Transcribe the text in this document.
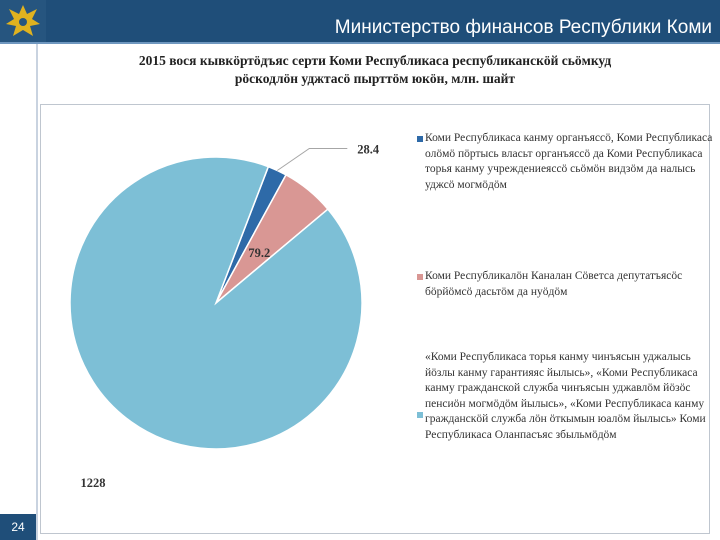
Министерство финансов Республики Коми
24
2015 вося кывкӧртӧдъяс серти Коми Республикаса республиканскӧй сьӧмкуд
рӧскодлӧн уджтасӧ пырттӧм юкӧн, млн. шайт
28.4
79.2
1228
Коми Республикаса канму органъяссӧ, Коми Республикаса олӧмӧ пӧртысь власьт органъяссӧ да Коми Республикаса торья канму учреждениеяссӧ сьӧмӧн видзӧм да налысь уджсӧ могмӧдӧм
Коми Республикалӧн Каналан Сӧветса депутатъясӧс бӧрйӧмсӧ дасьтӧм да нуӧдӧм
«Коми Республикаса торья канму чинъясын уджалысь йӧзлы канму гарантияяс йылысь», «Коми Республикаса канму гражданской служба чинъясын уджавлӧм йӧзӧс пенсиӧн могмӧдӧм йылысь», «Коми Республикаса канму гражданскӧй служба лӧн ӧткымын юалӧм йылысь» Коми Республикаса Оланпасъяс збыльмӧдӧм
